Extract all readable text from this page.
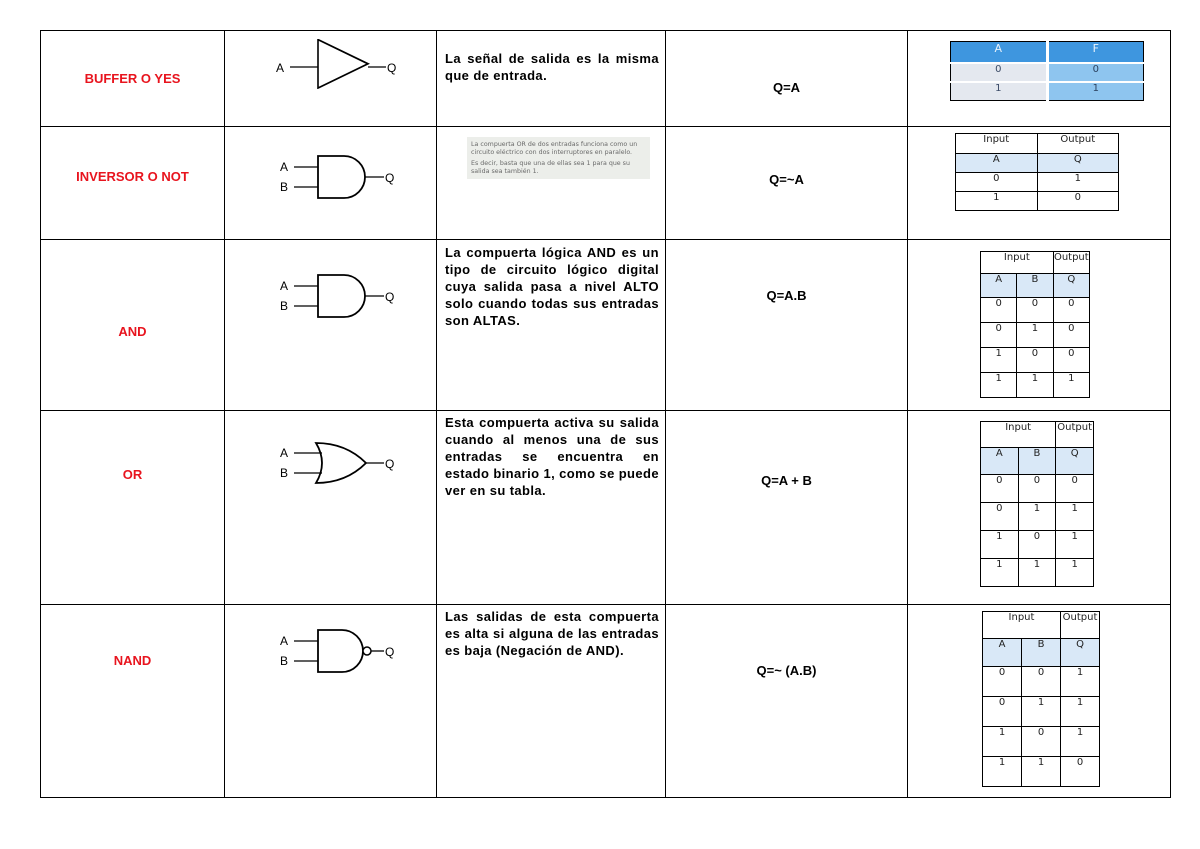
BUFFER O YES

A	Q

La señal de salida es la misma que de entrada.

Q=A

A	F
0	0
1	1

INVERSOR O NOT

A
B
Q

La compuerta OR de dos entradas funciona como un circuito eléctrico con dos interruptores en paralelo.

Es decir, basta que una de ellas sea 1 para que su salida sea también 1.

Q=~A

Input	Output
A	Q
0	1
1	0

AND

A
B
Q

La compuerta lógica AND es un tipo de circuito lógico digital cuya salida pasa a nivel ALTO solo cuando todas sus entradas son ALTAS.

Q=A.B

Input	Output
A	B	Q
0	0	0
0	1	0
1	0	0
1	1	1

OR

A
B
Q

Esta compuerta activa su salida cuando al menos una de sus entradas se encuentra en estado binario 1, como se puede ver en su tabla.

Q=A + B

Input	Output
A	B	Q
0	0	0
0	1	1
1	0	1
1	1	1

NAND

A
B
Q

Las salidas de esta compuerta es alta si alguna de las entradas es baja (Negación de AND).

Q=~ (A.B)

Input	Output
A	B	Q
0	0	1
0	1	1
1	0	1
1	1	0
